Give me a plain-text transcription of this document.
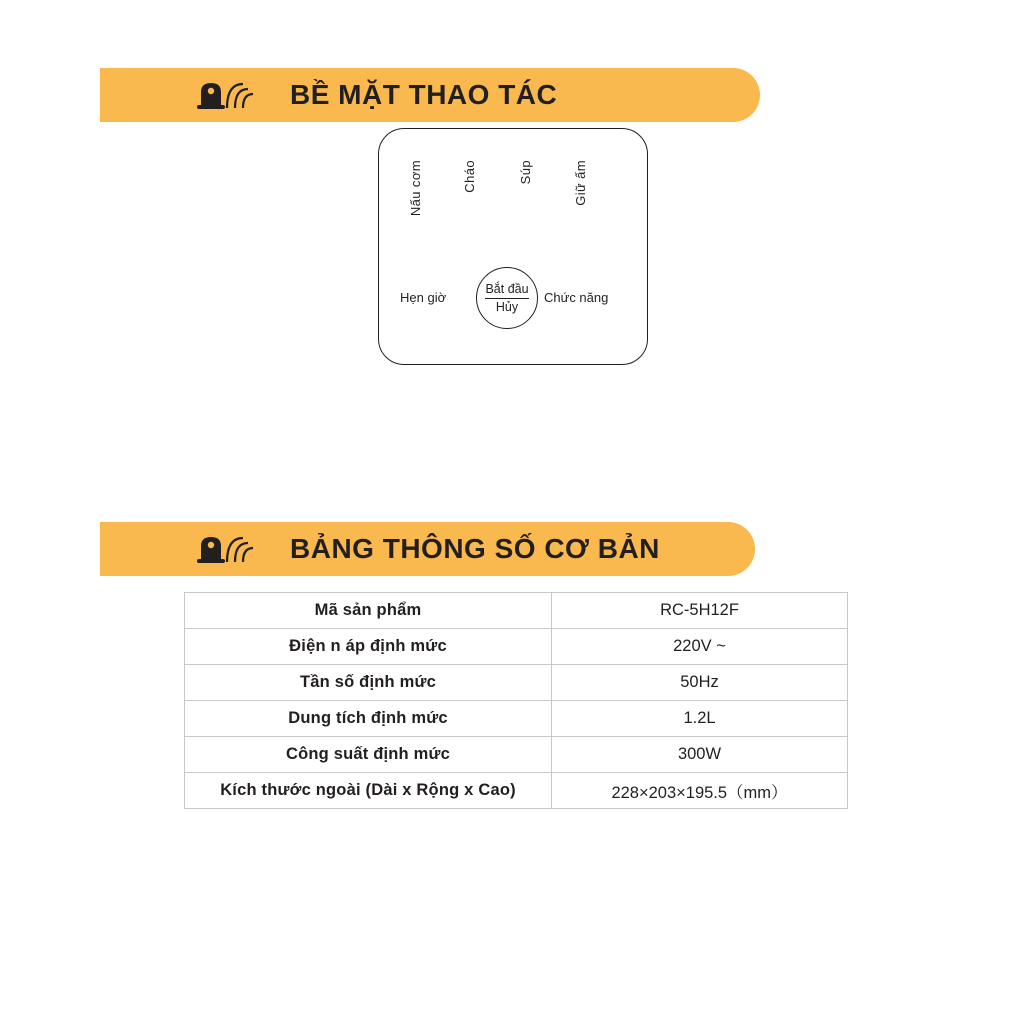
BỀ MẶT THAO TÁC
Nấu cơm	Cháo	Súp	Giữ ấm
Hẹn giờ	Chức năng
Bắt đầu
Hủy
BẢNG THÔNG SỐ CƠ BẢN
Mã sản phẩm	RC-5H12F
Điện n áp định mức	220V ~
Tần số định mức	50Hz
Dung tích định mức	1.2L
Công suất định mức	300W
Kích thước ngoài (Dài x Rộng x Cao)	228×203×195.5（mm）
